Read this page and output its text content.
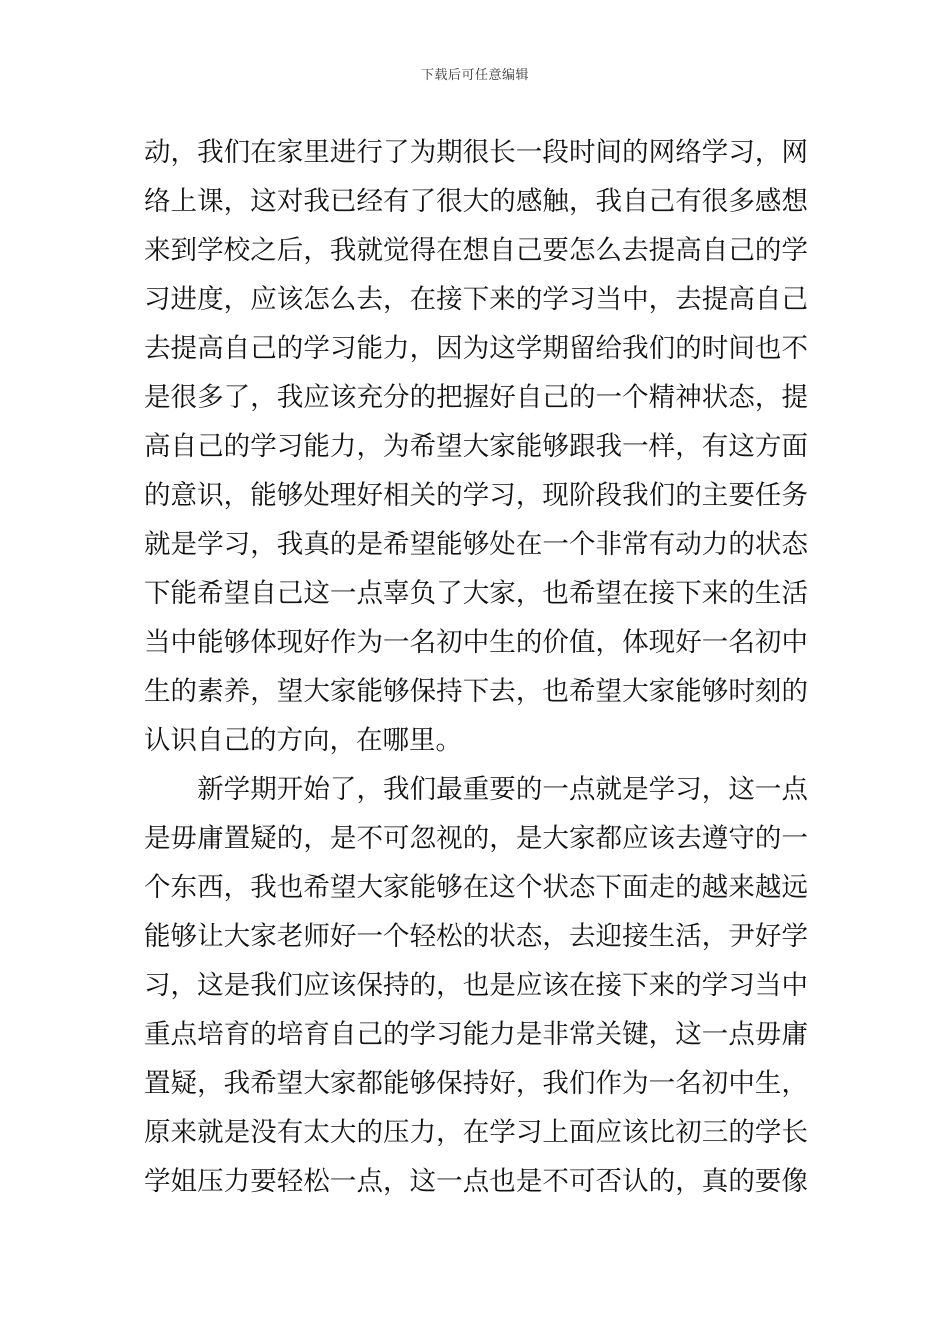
下载后可任意编辑
动，我们在家里进行了为期很长一段时间的网络学习，网
络上课，这对我已经有了很大的感触，我自己有很多感想
来到学校之后，我就觉得在想自己要怎么去提高自己的学
习进度，应该怎么去，在接下来的学习当中，去提高自己
去提高自己的学习能力，因为这学期留给我们的时间也不
是很多了，我应该充分的把握好自己的一个精神状态，提
高自己的学习能力，为希望大家能够跟我一样，有这方面
的意识，能够处理好相关的学习，现阶段我们的主要任务
就是学习，我真的是希望能够处在一个非常有动力的状态
下能希望自己这一点辜负了大家，也希望在接下来的生活
当中能够体现好作为一名初中生的价值，体现好一名初中
生的素养，望大家能够保持下去，也希望大家能够时刻的
认识自己的方向，在哪里。
　　新学期开始了，我们最重要的一点就是学习，这一点
是毋庸置疑的，是不可忽视的，是大家都应该去遵守的一
个东西，我也希望大家能够在这个状态下面走的越来越远
能够让大家老师好一个轻松的状态，去迎接生活，尹好学
习，这是我们应该保持的，也是应该在接下来的学习当中
重点培育的培育自己的学习能力是非常关键，这一点毋庸
置疑，我希望大家都能够保持好，我们作为一名初中生，
原来就是没有太大的压力，在学习上面应该比初三的学长
学姐压力要轻松一点，这一点也是不可否认的，真的要像
